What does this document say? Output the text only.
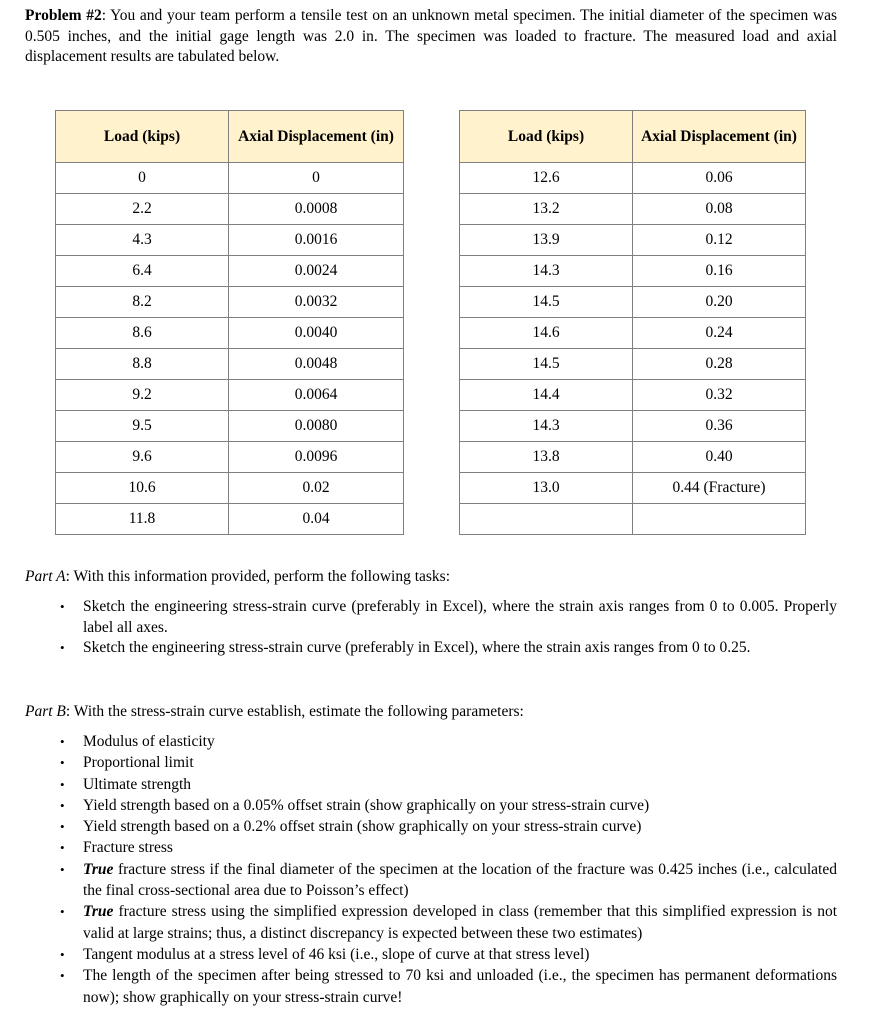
Problem #2: You and your team perform a tensile test on an unknown metal specimen. The initial diameter of the specimen was 0.505 inches, and the initial gage length was 2.0 in. The specimen was loaded to fracture. The measured load and axial displacement results are tabulated below.

Load (kips)	Axial Displacement (in)
0	0
2.2	0.0008
4.3	0.0016
6.4	0.0024
8.2	0.0032
8.6	0.0040
8.8	0.0048
9.2	0.0064
9.5	0.0080
9.6	0.0096
10.6	0.02
11.8	0.04
Load (kips)	Axial Displacement (in)
12.6	0.06
13.2	0.08
13.9	0.12
14.3	0.16
14.5	0.20
14.6	0.24
14.5	0.28
14.4	0.32
14.3	0.36
13.8	0.40
13.0	0.44 (Fracture)

Part A: With this information provided, perform the following tasks:

• Sketch the engineering stress-strain curve (preferably in Excel), where the strain axis ranges from 0 to 0.005. Properly label all axes.
• Sketch the engineering stress-strain curve (preferably in Excel), where the strain axis ranges from 0 to 0.25.

Part B: With the stress-strain curve establish, estimate the following parameters:

• Modulus of elasticity
• Proportional limit
• Ultimate strength
• Yield strength based on a 0.05% offset strain (show graphically on your stress-strain curve)
• Yield strength based on a 0.2% offset strain (show graphically on your stress-strain curve)
• Fracture stress
• True fracture stress if the final diameter of the specimen at the location of the fracture was 0.425 inches (i.e., calculated the final cross-sectional area due to Poisson’s effect)
• True fracture stress using the simplified expression developed in class (remember that this simplified expression is not valid at large strains; thus, a distinct discrepancy is expected between these two estimates)
• Tangent modulus at a stress level of 46 ksi (i.e., slope of curve at that stress level)
• The length of the specimen after being stressed to 70 ksi and unloaded (i.e., the specimen has permanent deformations now); show graphically on your stress-strain curve!
